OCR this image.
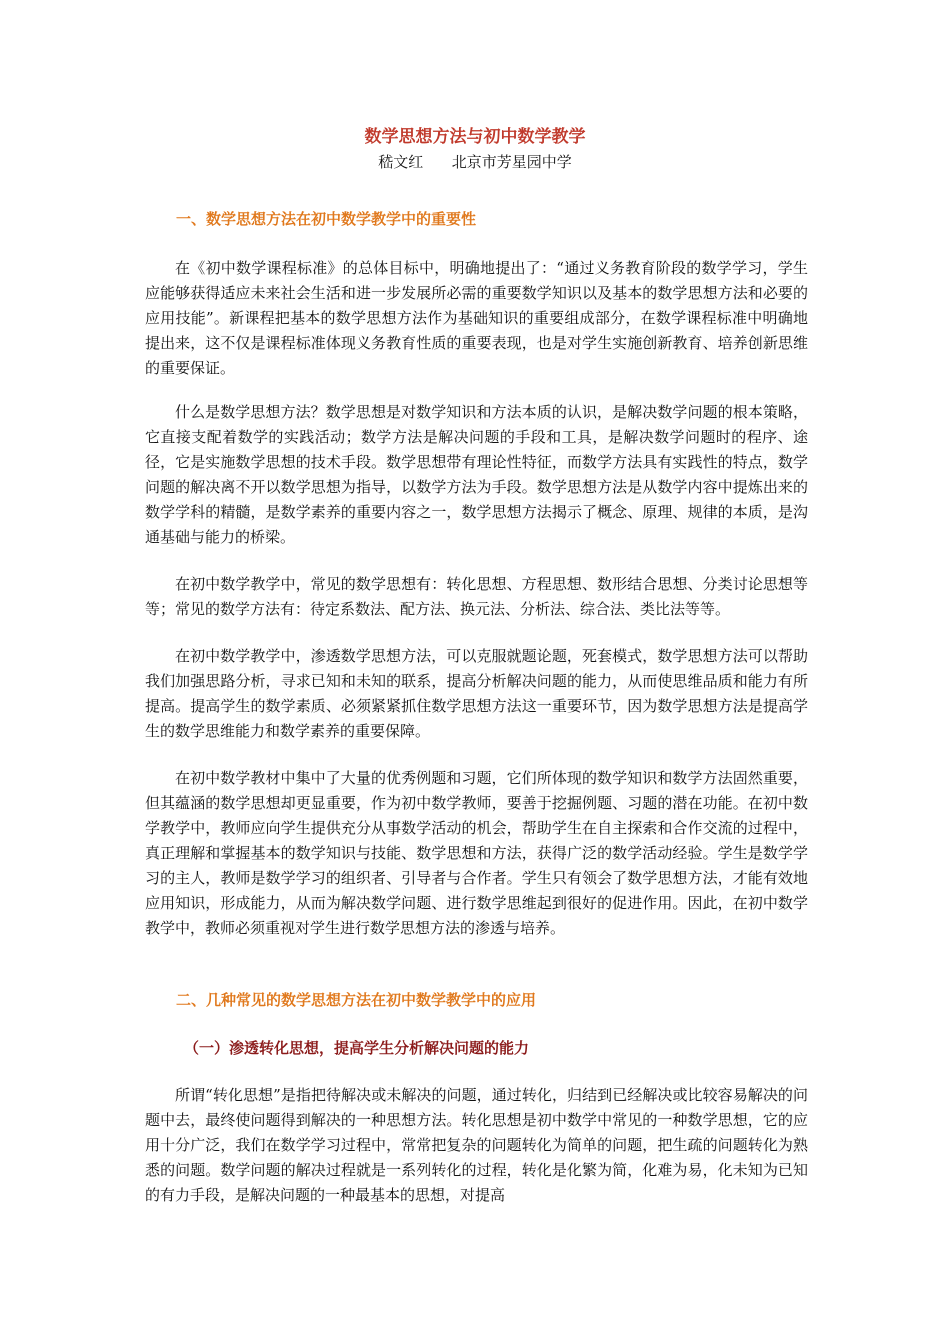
数学思想方法与初中数学教学
嵇文红      北京市芳星园中学
一、数学思想方法在初中数学教学中的重要性

在《初中数学课程标准》的总体目标中，明确地提出了：“通过义务教育阶段的数学学习，学生应能够获得适应未来社会生活和进一步发展所必需的重要数学知识以及基本的数学思想方法和必要的应用技能”。新课程把基本的数学思想方法作为基础知识的重要组成部分，在数学课程标准中明确地提出来，这不仅是课程标准体现义务教育性质的重要表现，也是对学生实施创新教育、培养创新思维的重要保证。

什么是数学思想方法？数学思想是对数学知识和方法本质的认识，是解决数学问题的根本策略，它直接支配着数学的实践活动；数学方法是解决问题的手段和工具，是解决数学问题时的程序、途径，它是实施数学思想的技术手段。数学思想带有理论性特征，而数学方法具有实践性的特点，数学问题的解决离不开以数学思想为指导，以数学方法为手段。数学思想方法是从数学内容中提炼出来的数学学科的精髓，是数学素养的重要内容之一，数学思想方法揭示了概念、原理、规律的本质，是沟通基础与能力的桥梁。

在初中数学教学中，常见的数学思想有：转化思想、方程思想、数形结合思想、分类讨论思想等等；常见的数学方法有：待定系数法、配方法、换元法、分析法、综合法、类比法等等。

在初中数学教学中，渗透数学思想方法，可以克服就题论题，死套模式，数学思想方法可以帮助我们加强思路分析，寻求已知和未知的联系，提高分析解决问题的能力，从而使思维品质和能力有所提高。提高学生的数学素质、必须紧紧抓住数学思想方法这一重要环节，因为数学思想方法是提高学生的数学思维能力和数学素养的重要保障。

在初中数学教材中集中了大量的优秀例题和习题，它们所体现的数学知识和数学方法固然重要，但其蕴涵的数学思想却更显重要，作为初中数学教师，要善于挖掘例题、习题的潜在功能。在初中数学教学中，教师应向学生提供充分从事数学活动的机会，帮助学生在自主探索和合作交流的过程中，真正理解和掌握基本的数学知识与技能、数学思想和方法，获得广泛的数学活动经验。学生是数学学习的主人，教师是数学学习的组织者、引导者与合作者。学生只有领会了数学思想方法，才能有效地应用知识，形成能力，从而为解决数学问题、进行数学思维起到很好的促进作用。因此，在初中数学教学中，教师必须重视对学生进行数学思想方法的渗透与培养。

二、几种常见的数学思想方法在初中数学教学中的应用
（一）渗透转化思想，提高学生分析解决问题的能力

所谓“转化思想”是指把待解决或未解决的问题，通过转化，归结到已经解决或比较容易解决的问题中去，最终使问题得到解决的一种思想方法。转化思想是初中数学中常见的一种数学思想，它的应用十分广泛，我们在数学学习过程中，常常把复杂的问题转化为简单的问题，把生疏的问题转化为熟悉的问题。数学问题的解决过程就是一系列转化的过程，转化是化繁为简，化难为易，化未知为已知的有力手段，是解决问题的一种最基本的思想，对提高
